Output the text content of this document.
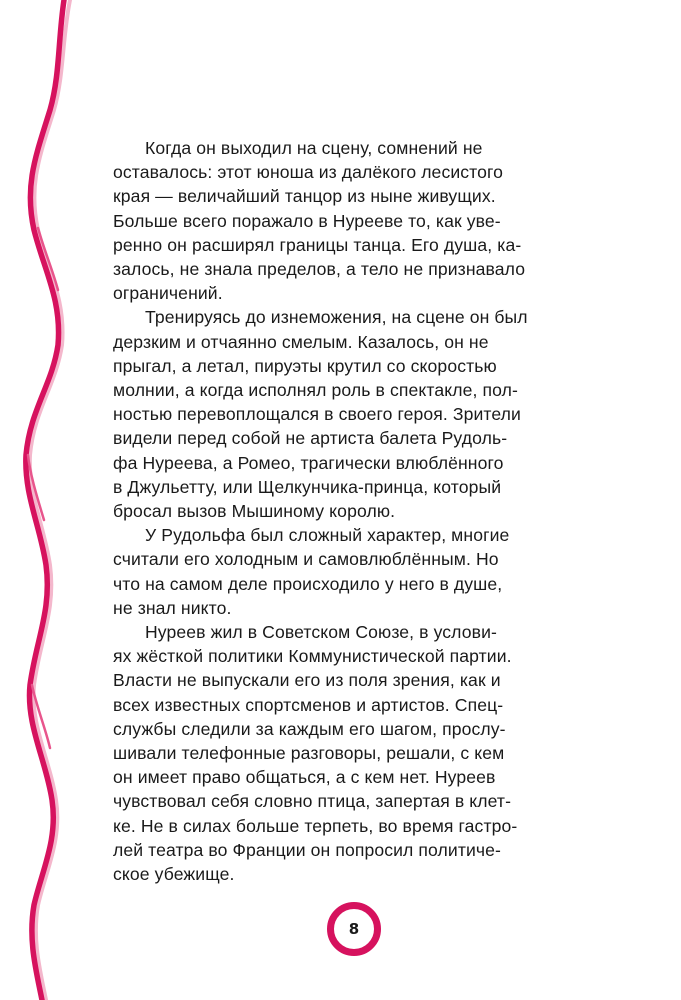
Когда он выходил на сцену, сомнений не
оставалось: этот юноша из далёкого лесистого
края — величайший танцор из ныне живущих.
Больше всего поражало в Нурееве то, как уве-
ренно он расширял границы танца. Его душа, ка-
залось, не знала пределов, а тело не признавало
ограничений.

Тренируясь до изнеможения, на сцене он был
дерзким и отчаянно смелым. Казалось, он не
прыгал, а летал, пируэты крутил со скоростью
молнии, а когда исполнял роль в спектакле, пол-
ностью перевоплощался в своего героя. Зрители
видели перед собой не артиста балета Рудоль-
фа Нуреева, а Ромео, трагически влюблённого
в Джульетту, или Щелкунчика-принца, который
бросал вызов Мышиному королю.

У Рудольфа был сложный характер, многие
считали его холодным и самовлюблённым. Но
что на самом деле происходило у него в душе,
не знал никто.

Нуреев жил в Советском Союзе, в услови-
ях жёсткой политики Коммунистической партии.
Власти не выпускали его из поля зрения, как и
всех известных спортсменов и артистов. Спец-
службы следили за каждым его шагом, прослу-
шивали телефонные разговоры, решали, с кем
он имеет право общаться, а с кем нет. Нуреев
чувствовал себя словно птица, запертая в клет-
ке. Не в силах больше терпеть, во время гастро-
лей театра во Франции он попросил политиче-
ское убежище.

8
